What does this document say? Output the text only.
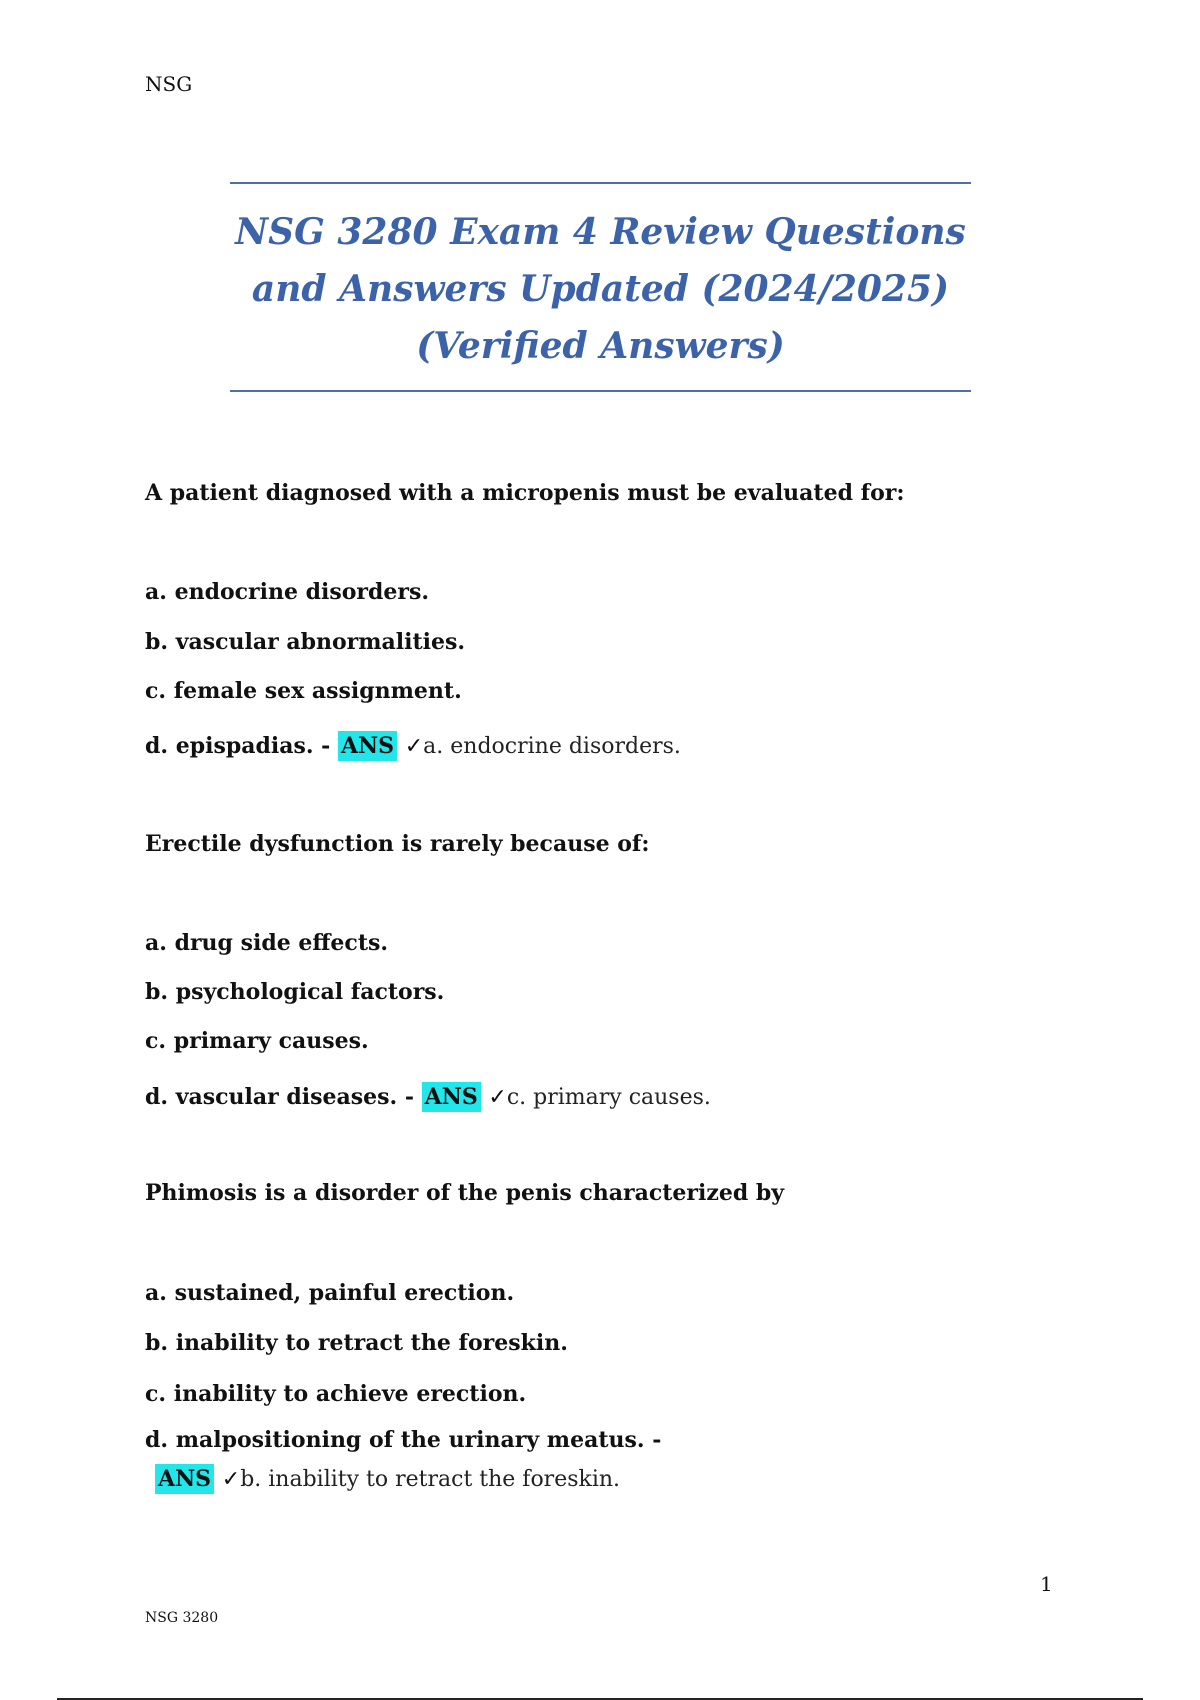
NSG
NSG 3280 Exam 4 Review Questions and Answers Updated (2024/2025) (Verified Answers)
A patient diagnosed with a micropenis must be evaluated for:
a. endocrine disorders.
b. vascular abnormalities.
c. female sex assignment.
d. epispadias. - ANS ✓a. endocrine disorders.
Erectile dysfunction is rarely because of:
a. drug side effects.
b. psychological factors.
c. primary causes.
d. vascular diseases. - ANS ✓c. primary causes.
Phimosis is a disorder of the penis characterized by
a. sustained, painful erection.
b. inability to retract the foreskin.
c. inability to achieve erection.
d. malpositioning of the urinary meatus. -
ANS ✓b. inability to retract the foreskin.
1
NSG 3280
